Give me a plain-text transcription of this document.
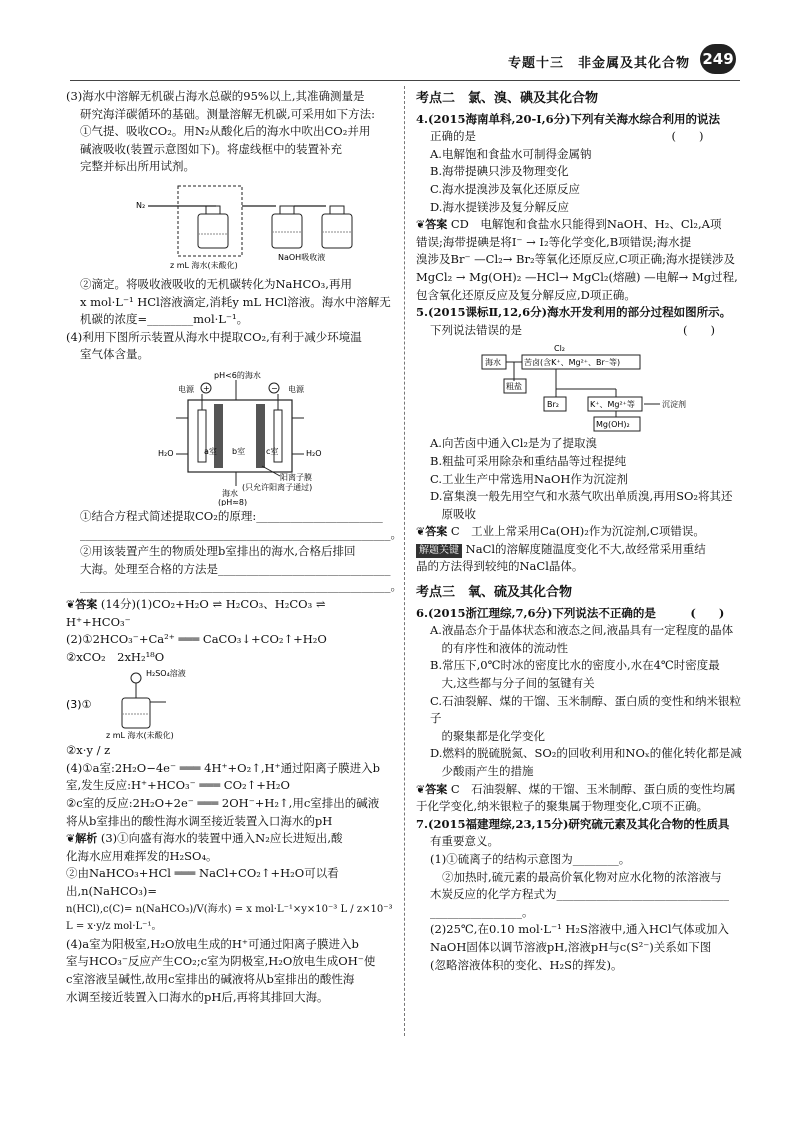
专题十三　非金属及其化合物 249

(3)海水中溶解无机碳占海水总碳的95%以上,其准确测量是

研究海洋碳循环的基础。测量溶解无机碳,可采用如下方法:

①气提、吸收CO₂。用N₂从酸化后的海水中吹出CO₂并用

碱液吸收(装置示意图如下)。将虚线框中的装置补充

完整并标出所用试剂。

N₂
z mL 海水(未酸化)
NaOH吸收液

②滴定。将吸收液吸收的无机碳转化为NaHCO₃,再用

x mol·L⁻¹ HCl溶液滴定,消耗y mL HCl溶液。海水中溶解无

机碳的浓度=________mol·L⁻¹。

(4)利用下图所示装置从海水中提取CO₂,有利于减少环境温

室气体含量。

pH<6的海水
电源	电源
+	−
H₂O	H₂O
a室 b室	c室
阳离子膜
(只允许阳离子通过)
海水
(pH≈8)

①结合方程式简述提取CO₂的原理:______________________

______________________________________________________。

②用该装置产生的物质处理b室排出的海水,合格后排回

大海。处理至合格的方法是______________________________

______________________________________________________。

❦答案 (14分)(1)CO₂+H₂O ⇌ H₂CO₃、H₂CO₃ ⇌

H⁺+HCO₃⁻

(2)①2HCO₃⁻+Ca²⁺ ═══ CaCO₃↓+CO₂↑+H₂O

②xCO₂　2xH₂¹⁸O

(3)①
H₂SO₄溶液
z mL 海水(未酸化)

②x·y / z

(4)①a室:2H₂O−4e⁻ ═══ 4H⁺+O₂↑,H⁺通过阳离子膜进入b

室,发生反应:H⁺+HCO₃⁻ ═══ CO₂↑+H₂O

②c室的反应:2H₂O+2e⁻ ═══ 2OH⁻+H₂↑,用c室排出的碱液

将从b室排出的酸性海水调至接近装置入口海水的pH

❦解析 (3)①向盛有海水的装置中通入N₂应长进短出,酸

化海水应用难挥发的H₂SO₄。

②由NaHCO₃+HCl ═══ NaCl+CO₂↑+H₂O可以看出,n(NaHCO₃)=

n(HCl),c(C)= n(NaHCO₃)/V(海水) = x mol·L⁻¹×y×10⁻³ L / z×10⁻³ L = x·y/z mol·L⁻¹。

(4)a室为阳极室,H₂O放电生成的H⁺可通过阳离子膜进入b

室与HCO₃⁻反应产生CO₂;c室为阴极室,H₂O放电生成OH⁻使

c室溶液呈碱性,故用c室排出的碱液将从b室排出的酸性海

水调至接近装置入口海水的pH后,再将其排回大海。

考点二　氯、溴、碘及其化合物

4.(2015海南单科,20-Ⅰ,6分)下列有关海水综合利用的说法

正确的是　　　　　　　　　　　　　　　　　(　　)

A.电解饱和食盐水可制得金属钠

B.海带提碘只涉及物理变化

C.海水提溴涉及氧化还原反应

D.海水提镁涉及复分解反应

❦答案 CD　电解饱和食盐水只能得到NaOH、H₂、Cl₂,A项

错误;海带提碘是将I⁻ → I₂等化学变化,B项错误;海水提

溴涉及Br⁻ —Cl₂→ Br₂等氧化还原反应,C项正确;海水提镁涉及

MgCl₂ → Mg(OH)₂ —HCl→ MgCl₂(熔融) —电解→ Mg过程,

包含氧化还原反应及复分解反应,D项正确。

5.(2015课标Ⅱ,12,6分)海水开发利用的部分过程如图所示。

下列说法错误的是　　　　　　　　　　　　　　(　　)

Cl₂
海水	苦卤(含K⁺、Mg²⁺、Br⁻等)
粗盐
Br₂	K⁺、Mg²⁺等	沉淀剂
Mg(OH)₂

A.向苦卤中通入Cl₂是为了提取溴

B.粗盐可采用除杂和重结晶等过程提纯

C.工业生产中常选用NaOH作为沉淀剂

D.富集溴一般先用空气和水蒸气吹出单质溴,再用SO₂将其还

　原吸收

❦答案 C　工业上常采用Ca(OH)₂作为沉淀剂,C项错误。

解题关键 NaCl的溶解度随温度变化不大,故经常采用重结

晶的方法得到较纯的NaCl晶体。

考点三　氧、硫及其化合物

6.(2015浙江理综,7,6分)下列说法不正确的是　　　(　　)

A.液晶态介于晶体状态和液态之间,液晶具有一定程度的晶体

　的有序性和液体的流动性

B.常压下,0℃时冰的密度比水的密度小,水在4℃时密度最

　大,这些都与分子间的氢键有关

C.石油裂解、煤的干馏、玉米制醇、蛋白质的变性和纳米银粒子

　的聚集都是化学变化

D.燃料的脱硫脱氮、SO₂的回收利用和NOₓ的催化转化都是减

　少酸雨产生的措施

❦答案 C　石油裂解、煤的干馏、玉米制醇、蛋白质的变性均属

于化学变化,纳米银粒子的聚集属于物理变化,C项不正确。

7.(2015福建理综,23,15分)研究硫元素及其化合物的性质具

有重要意义。

(1)①硫离子的结构示意图为________。

②加热时,硫元素的最高价氧化物对应水化物的浓溶液与

木炭反应的化学方程式为______________________________

________________。

(2)25℃,在0.10 mol·L⁻¹ H₂S溶液中,通入HCl气体或加入

NaOH固体以调节溶液pH,溶液pH与c(S²⁻)关系如下图

(忽略溶液体积的变化、H₂S的挥发)。
